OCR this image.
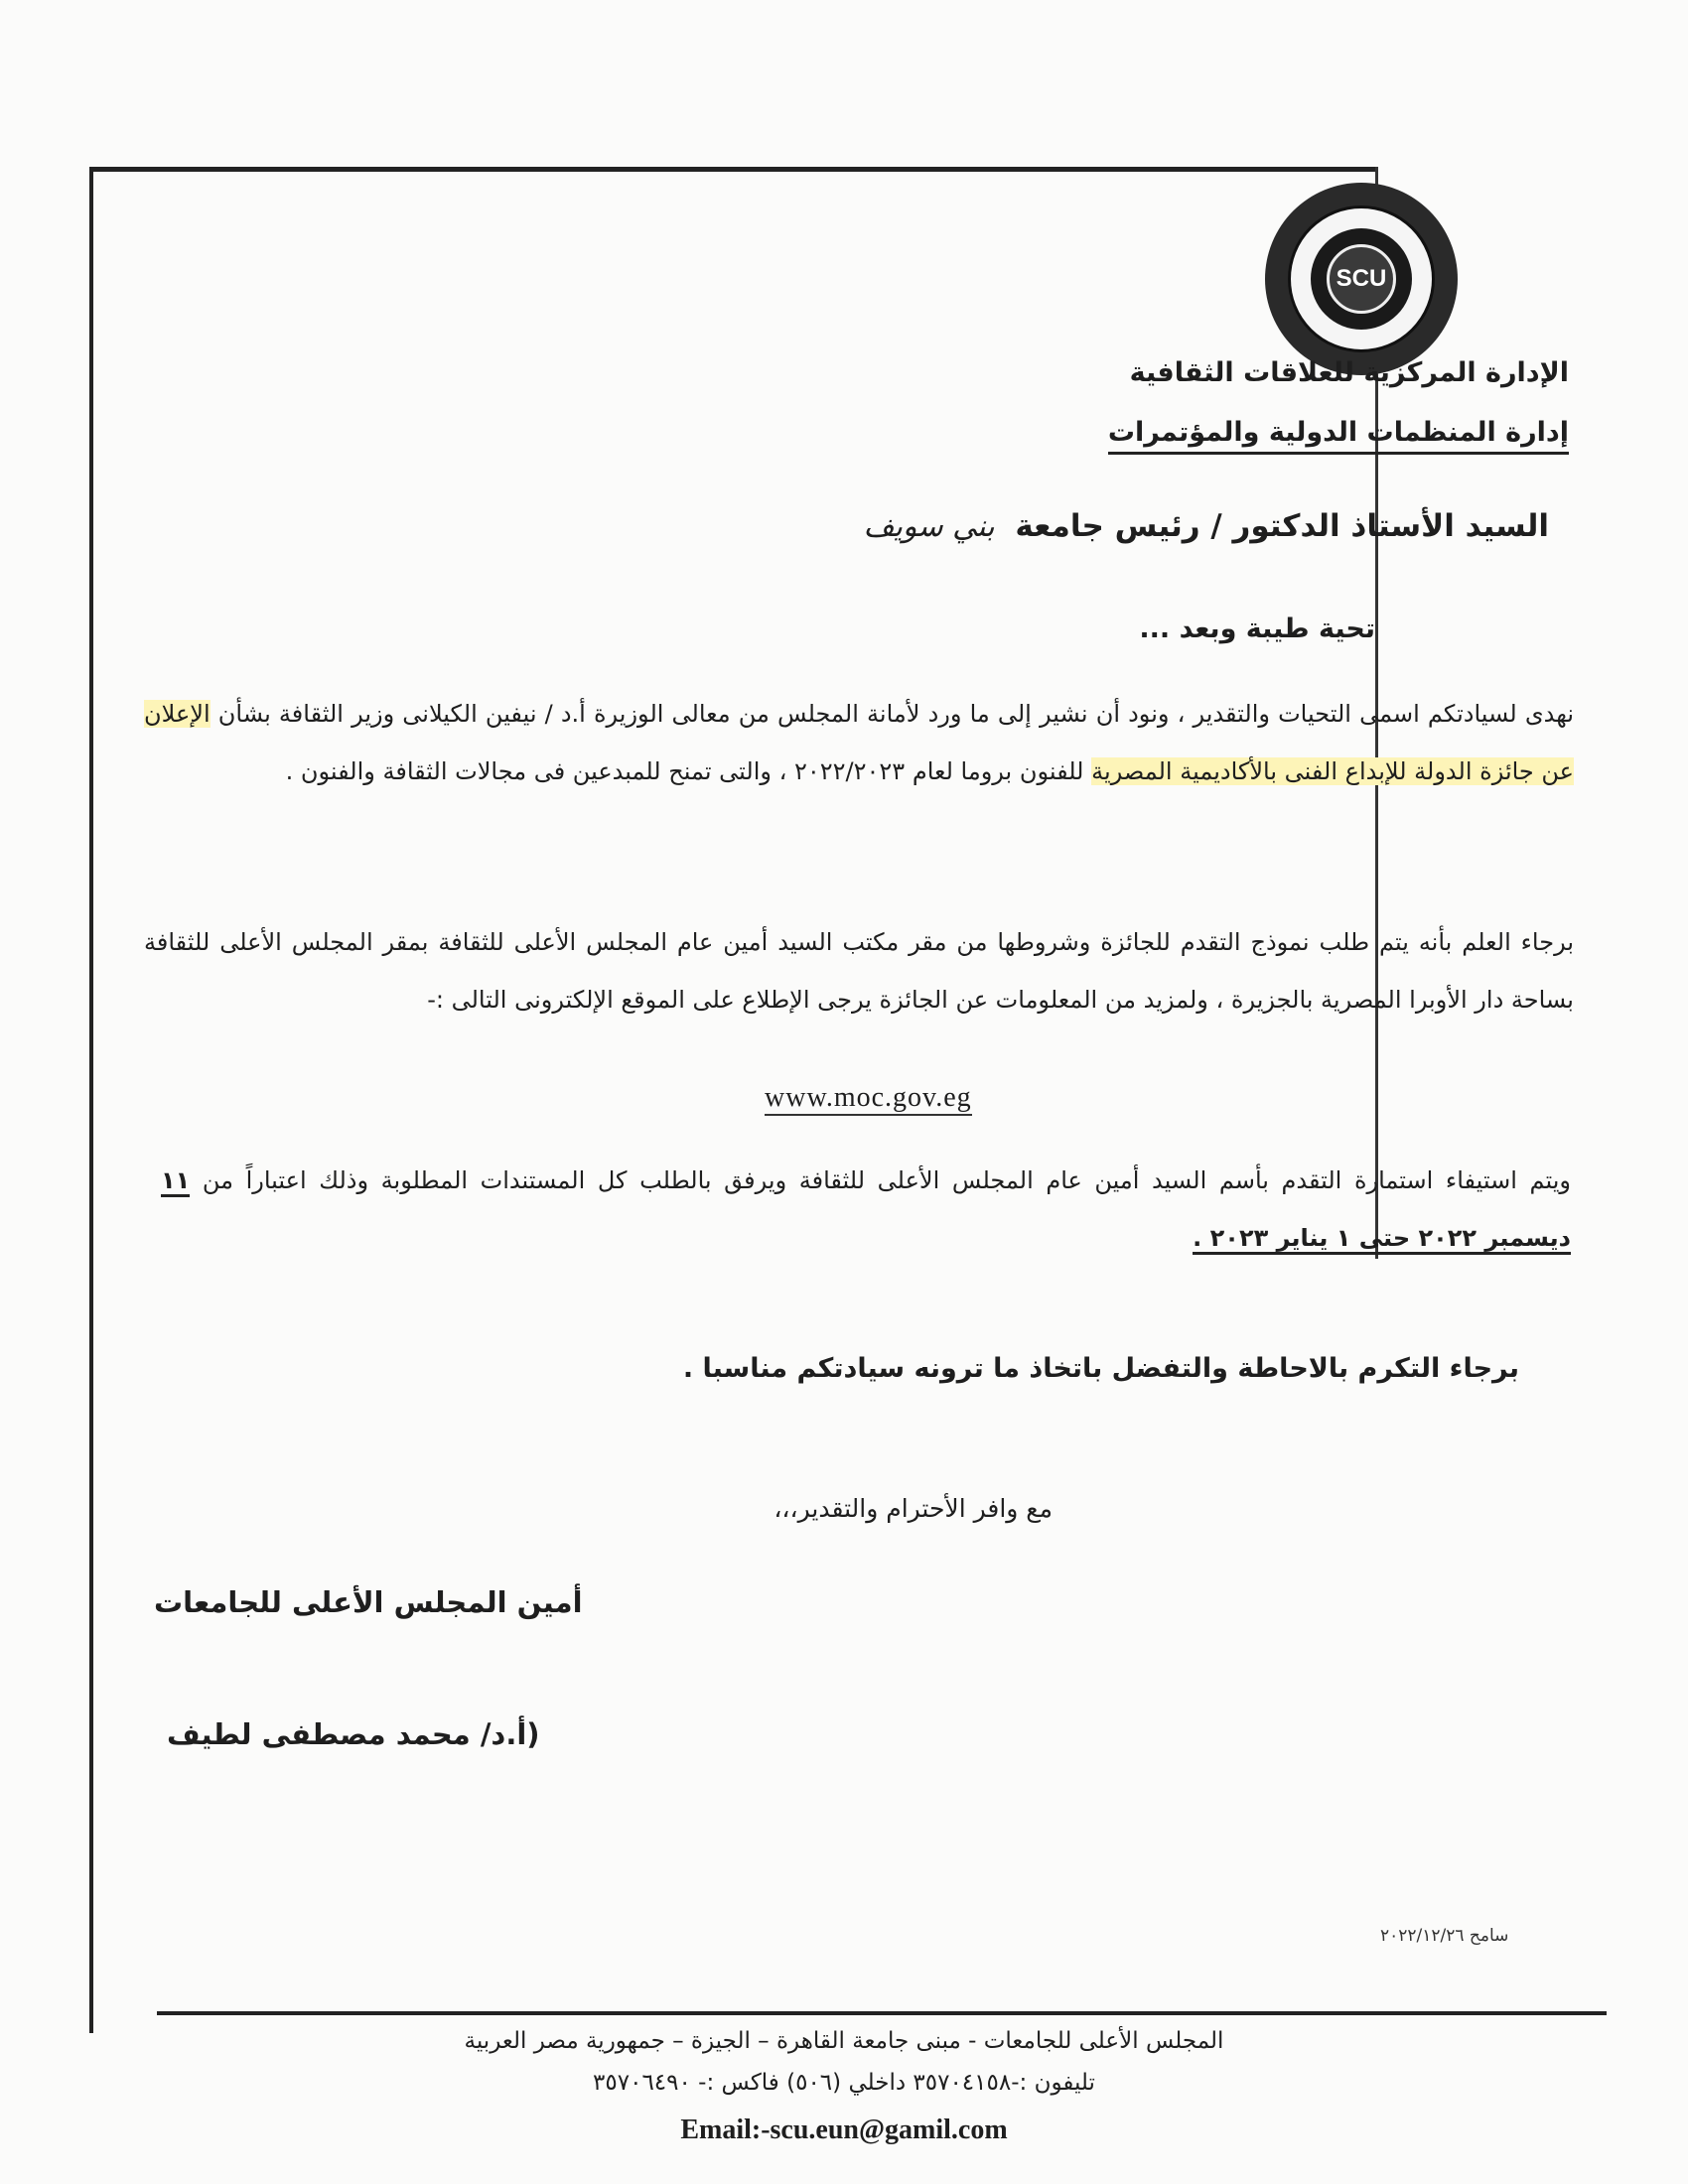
SCU
الإدارة المركزية للعلاقات الثقافية
إدارة المنظمات الدولية والمؤتمرات
السيد الأستاذ الدكتور / رئيس جامعة بني سويف
تحية طيبة وبعد ...
نهدى لسيادتكم اسمى التحيات والتقدير ، ونود أن نشير إلى ما ورد لأمانة المجلس من معالى الوزيرة أ.د / نيفين الكيلانى وزير الثقافة بشأن الإعلان عن جائزة الدولة للإبداع الفنى بالأكاديمية المصرية للفنون بروما لعام ٢٠٢٢/٢٠٢٣ ، والتى تمنح للمبدعين فى مجالات الثقافة والفنون .
برجاء العلم بأنه يتم طلب نموذج التقدم للجائزة وشروطها من مقر مكتب السيد أمين عام المجلس الأعلى للثقافة بمقر المجلس الأعلى للثقافة بساحة دار الأوبرا المصرية بالجزيرة ، ولمزيد من المعلومات عن الجائزة يرجى الإطلاع على الموقع الإلكترونى التالى :-
www.moc.gov.eg
ويتم استيفاء استمارة التقدم بأسم السيد أمين عام المجلس الأعلى للثقافة ويرفق بالطلب كل المستندات المطلوبة وذلك اعتباراً من ١١ ديسمبر ٢٠٢٢ حتى ١ يناير ٢٠٢٣ .
برجاء التكرم بالاحاطة والتفضل باتخاذ ما ترونه سيادتكم مناسبا .
مع وافر الأحترام والتقدير،،،
أمين المجلس الأعلى للجامعات
(أ.د/ محمد مصطفى لطيف
سامح ٢٠٢٢/١٢/٢٦
المجلس الأعلى للجامعات - مبنى جامعة القاهرة – الجيزة – جمهورية مصر العربية
تليفون :-٣٥٧٠٤١٥٨ داخلي (٥٠٦) فاكس :- ٣٥٧٠٦٤٩٠
Email:-scu.eun@gamil.com
